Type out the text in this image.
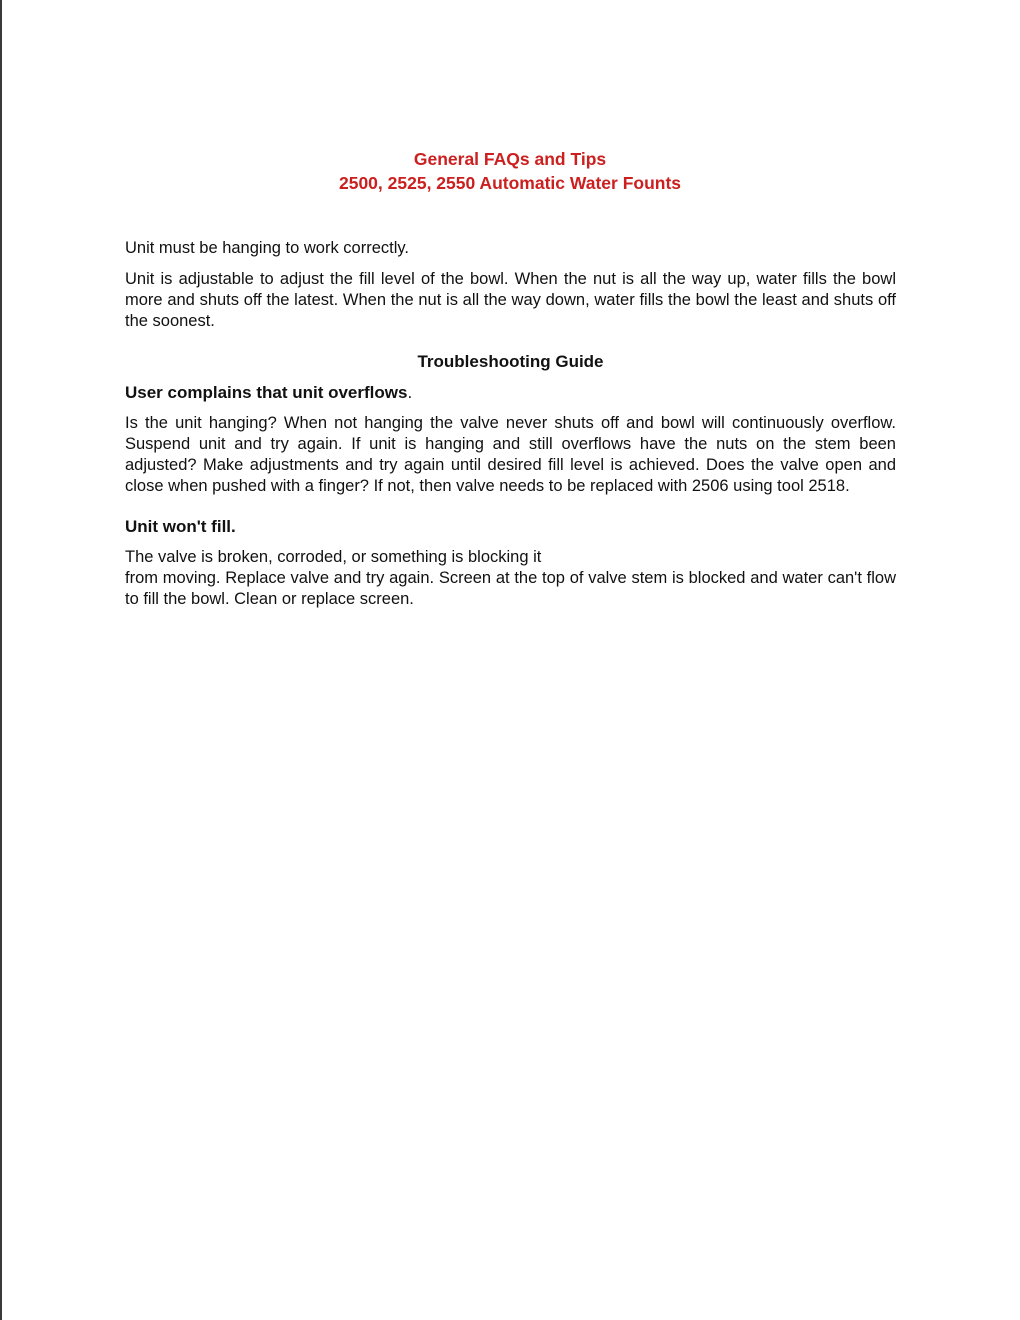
General FAQs and Tips
2500, 2525, 2550 Automatic Water Founts

Unit must be hanging to work correctly.

Unit is adjustable to adjust the fill level of the bowl. When the nut is all the way up, water fills the bowl more and shuts off the latest. When the nut is all the way down, water fills the bowl the least and shuts off the soonest.

Troubleshooting Guide

User complains that unit overflows.

Is the unit hanging? When not hanging the valve never shuts off and bowl will continuously overflow. Suspend unit and try again. If unit is hanging and still overflows have the nuts on the stem been adjusted? Make adjustments and try again until desired fill level is achieved. Does the valve open and close when pushed with a finger? If not, then valve needs to be replaced with 2506 using tool 2518.

Unit won't fill.

The valve is broken, corroded, or something is blocking it
from moving. Replace valve and try again. Screen at the top of valve stem is blocked and water can't flow to fill the bowl. Clean or replace screen.
